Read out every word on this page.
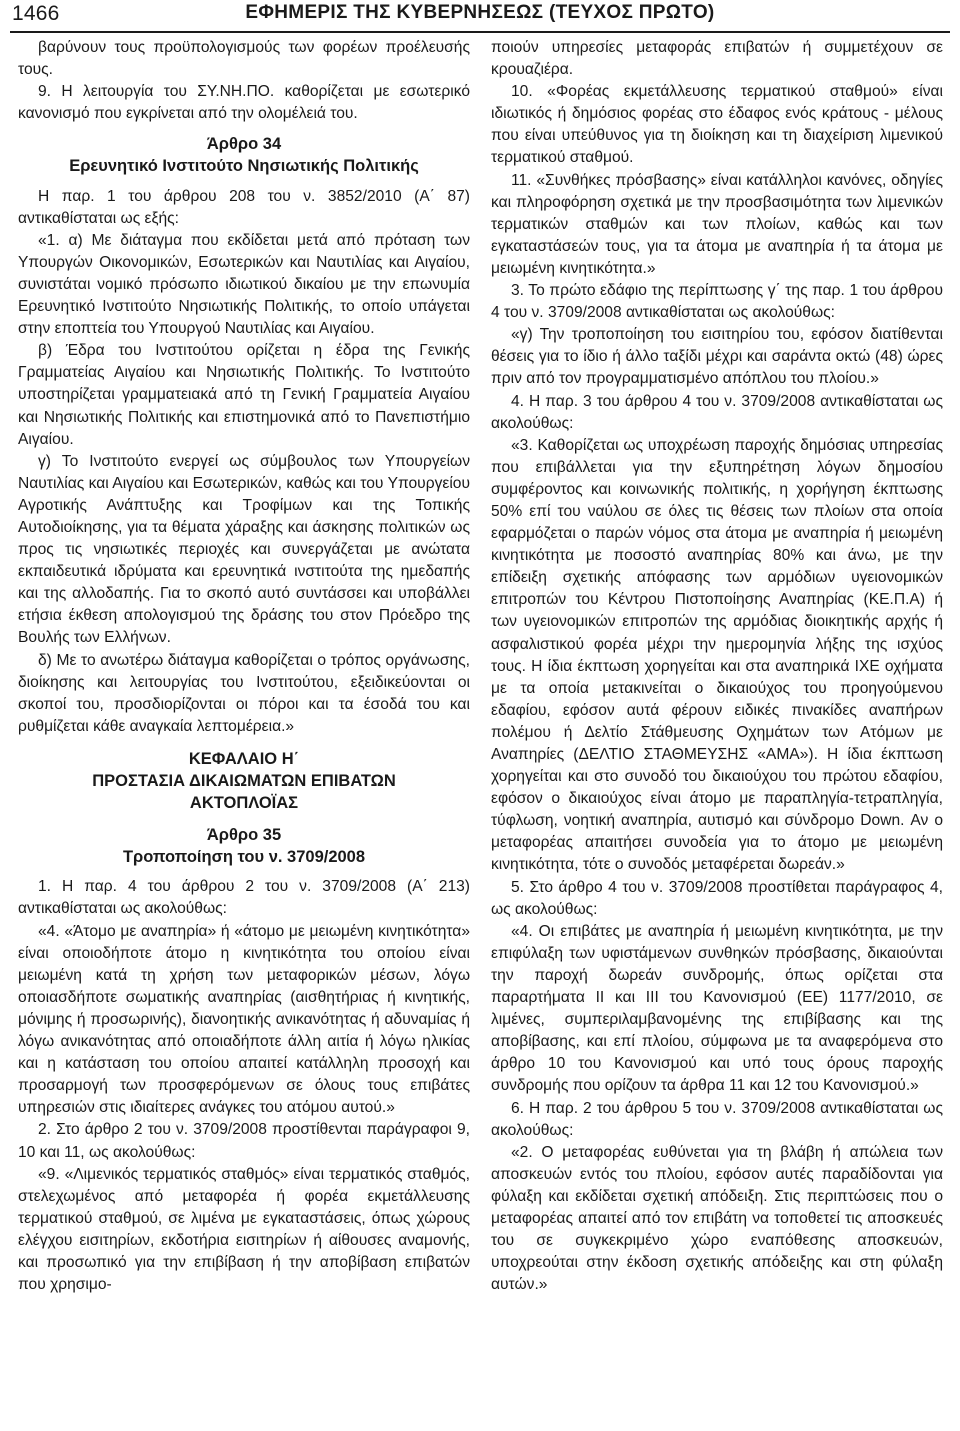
1466	ΕΦΗΜΕΡΙΣ ΤΗΣ ΚΥΒΕΡΝΗΣΕΩΣ (ΤΕΥΧΟΣ ΠΡΩΤΟ)

βαρύνουν τους προϋπολογισμούς των φορέων προέλευσής τους.

9. Η λειτουργία του ΣΥ.ΝΗ.ΠΟ. καθορίζεται με εσωτερικό κανονισμό που εγκρίνεται από την ολομέλειά του.

Άρθρο 34
Ερευνητικό Ινστιτούτο Νησιωτικής Πολιτικής

Η παρ. 1 του άρθρου 208 του ν. 3852/2010 (Α΄ 87) αντικαθίσταται ως εξής:

«1. α) Με διάταγμα που εκδίδεται μετά από πρόταση των Υπουργών Οικονομικών, Εσωτερικών και Ναυτιλίας και Αιγαίου, συνιστάται νομικό πρόσωπο ιδιωτικού δικαίου με την επωνυμία Ερευνητικό Ινστιτούτο Νησιωτικής Πολιτικής, το οποίο υπάγεται στην εποπτεία του Υπουργού Ναυτιλίας και Αιγαίου.

β) Έδρα του Ινστιτούτου ορίζεται η έδρα της Γενικής Γραμματείας Αιγαίου και Νησιωτικής Πολιτικής. Το Ινστιτούτο υποστηρίζεται γραμματειακά από τη Γενική Γραμματεία Αιγαίου και Νησιωτικής Πολιτικής και επιστημονικά από το Πανεπιστήμιο Αιγαίου.

γ) Το Ινστιτούτο ενεργεί ως σύμβουλος των Υπουργείων Ναυτιλίας και Αιγαίου και Εσωτερικών, καθώς και του Υπουργείου Αγροτικής Ανάπτυξης και Τροφίμων και της Τοπικής Αυτοδιοίκησης, για τα θέματα χάραξης και άσκησης πολιτικών ως προς τις νησιωτικές περιοχές και συνεργάζεται με ανώτατα εκπαιδευτικά ιδρύματα και ερευνητικά ινστιτούτα της ημεδαπής και της αλλοδαπής. Για το σκοπό αυτό συντάσσει και υποβάλλει ετήσια έκθεση απολογισμού της δράσης του στον Πρόεδρο της Βουλής των Ελλήνων.

δ) Με το ανωτέρω διάταγμα καθορίζεται ο τρόπος οργάνωσης, διοίκησης και λειτουργίας του Ινστιτούτου, εξειδικεύονται οι σκοποί του, προσδιορίζονται οι πόροι και τα έσοδά του και ρυθμίζεται κάθε αναγκαία λεπτομέρεια.»

ΚΕΦΑΛΑΙΟ Η΄
ΠΡΟΣΤΑΣΙΑ ΔΙΚΑΙΩΜΑΤΩΝ ΕΠΙΒΑΤΩΝ
ΑΚΤΟΠΛΟΪΑΣ
Άρθρο 35
Τροποποίηση του ν. 3709/2008

1. Η παρ. 4 του άρθρου 2 του ν. 3709/2008 (Α΄ 213) αντικαθίσταται ως ακολούθως:

«4. «Άτομο με αναπηρία» ή «άτομο με μειωμένη κινητικότητα» είναι οποιοδήποτε άτομο η κινητικότητα του οποίου είναι μειωμένη κατά τη χρήση των μεταφορικών μέσων, λόγω οποιασδήποτε σωματικής αναπηρίας (αισθητήριας ή κινητικής, μόνιμης ή προσωρινής), διανοητικής ανικανότητας ή αδυναμίας ή λόγω ανικανότητας από οποιαδήποτε άλλη αιτία ή λόγω ηλικίας και η κατάσταση του οποίου απαιτεί κατάλληλη προσοχή και προσαρμογή των προσφερόμενων σε όλους τους επιβάτες υπηρεσιών στις ιδιαίτερες ανάγκες του ατόμου αυτού.»

2. Στο άρθρο 2 του ν. 3709/2008 προστίθενται παράγραφοι 9, 10 και 11, ως ακολούθως:

«9. «Λιμενικός τερματικός σταθμός» είναι τερματικός σταθμός, στελεχωμένος από μεταφορέα ή φορέα εκμετάλλευσης τερματικού σταθμού, σε λιμένα με εγκαταστάσεις, όπως χώρους ελέγχου εισιτηρίων, εκδοτήρια εισιτηρίων ή αίθουσες αναμονής, και προσωπικό για την επιβίβαση ή την αποβίβαση επιβατών που χρησιμο-

ποιούν υπηρεσίες μεταφοράς επιβατών ή συμμετέχουν σε κρουαζιέρα.

10. «Φορέας εκμετάλλευσης τερματικού σταθμού» είναι ιδιωτικός ή δημόσιος φορέας στο έδαφος ενός κράτους - μέλους που είναι υπεύθυνος για τη διοίκηση και τη διαχείριση λιμενικού τερματικού σταθμού.

11. «Συνθήκες πρόσβασης» είναι κατάλληλοι κανόνες, οδηγίες και πληροφόρηση σχετικά με την προσβασιμότητα των λιμενικών τερματικών σταθμών και των πλοίων, καθώς και των εγκαταστάσεών τους, για τα άτομα με αναπηρία ή τα άτομα με μειωμένη κινητικότητα.»

3. Το πρώτο εδάφιο της περίπτωσης γ΄ της παρ. 1 του άρθρου 4 του ν. 3709/2008 αντικαθίσταται ως ακολούθως:

«γ) Την τροποποίηση του εισιτηρίου του, εφόσον διατίθενται θέσεις για το ίδιο ή άλλο ταξίδι μέχρι και σαράντα οκτώ (48) ώρες πριν από τον προγραμματισμένο απόπλου του πλοίου.»

4. Η παρ. 3 του άρθρου 4 του ν. 3709/2008 αντικαθίσταται ως ακολούθως:

«3. Καθορίζεται ως υποχρέωση παροχής δημόσιας υπηρεσίας που επιβάλλεται για την εξυπηρέτηση λόγων δημοσίου συμφέροντος και κοινωνικής πολιτικής, η χορήγηση έκπτωσης 50% επί του ναύλου σε όλες τις θέσεις των πλοίων στα οποία εφαρμόζεται ο παρών νόμος στα άτομα με αναπηρία ή μειωμένη κινητικότητα με ποσοστό αναπηρίας 80% και άνω, με την επίδειξη σχετικής απόφασης των αρμόδιων υγειονομικών επιτροπών του Κέντρου Πιστοποίησης Αναπηρίας (ΚΕ.Π.Α) ή των υγειονομικών επιτροπών της αρμόδιας διοικητικής αρχής ή ασφαλιστικού φορέα μέχρι την ημερομηνία λήξης της ισχύος τους. Η ίδια έκπτωση χορηγείται και στα αναπηρικά ΙΧΕ οχήματα με τα οποία μετακινείται ο δικαιούχος του προηγούμενου εδαφίου, εφόσον αυτά φέρουν ειδικές πινακίδες αναπήρων πολέμου ή Δελτίο Στάθμευσης Οχημάτων των Ατόμων με Αναπηρίες (ΔΕΛΤΙΟ ΣΤΑΘΜΕΥΣΗΣ «ΑΜΑ»). Η ίδια έκπτωση χορηγείται και στο συνοδό του δικαιούχου του πρώτου εδαφίου, εφόσον ο δικαιούχος είναι άτομο με παραπληγία-τετραπληγία, τύφλωση, νοητική αναπηρία, αυτισμό και σύνδρομο Down. Αν ο μεταφορέας απαιτήσει συνοδεία για το άτομο με μειωμένη κινητικότητα, τότε ο συνοδός μεταφέρεται δωρεάν.»

5. Στο άρθρο 4 του ν. 3709/2008 προστίθεται παράγραφος 4, ως ακολούθως:

«4. Οι επιβάτες με αναπηρία ή μειωμένη κινητικότητα, με την επιφύλαξη των υφιστάμενων συνθηκών πρόσβασης, δικαιούνται την παροχή δωρεάν συνδρομής, όπως ορίζεται στα παραρτήματα ΙΙ και ΙΙΙ του Κανονισμού (ΕΕ) 1177/2010, σε λιμένες, συμπεριλαμβανομένης της επιβίβασης και της αποβίβασης, και επί πλοίου, σύμφωνα με τα αναφερόμενα στο άρθρο 10 του Κανονισμού και υπό τους όρους παροχής συνδρομής που ορίζουν τα άρθρα 11 και 12 του Κανονισμού.»

6. Η παρ. 2 του άρθρου 5 του ν. 3709/2008 αντικαθίσταται ως ακολούθως:

«2. Ο μεταφορέας ευθύνεται για τη βλάβη ή απώλεια των αποσκευών εντός του πλοίου, εφόσον αυτές παραδίδονται για φύλαξη και εκδίδεται σχετική απόδειξη. Στις περιπτώσεις που ο μεταφορέας απαιτεί από τον επιβάτη να τοποθετεί τις αποσκευές του σε συγκεκριμένο χώρο εναπόθεσης αποσκευών, υποχρεούται στην έκδοση σχετικής απόδειξης και στη φύλαξη αυτών.»
